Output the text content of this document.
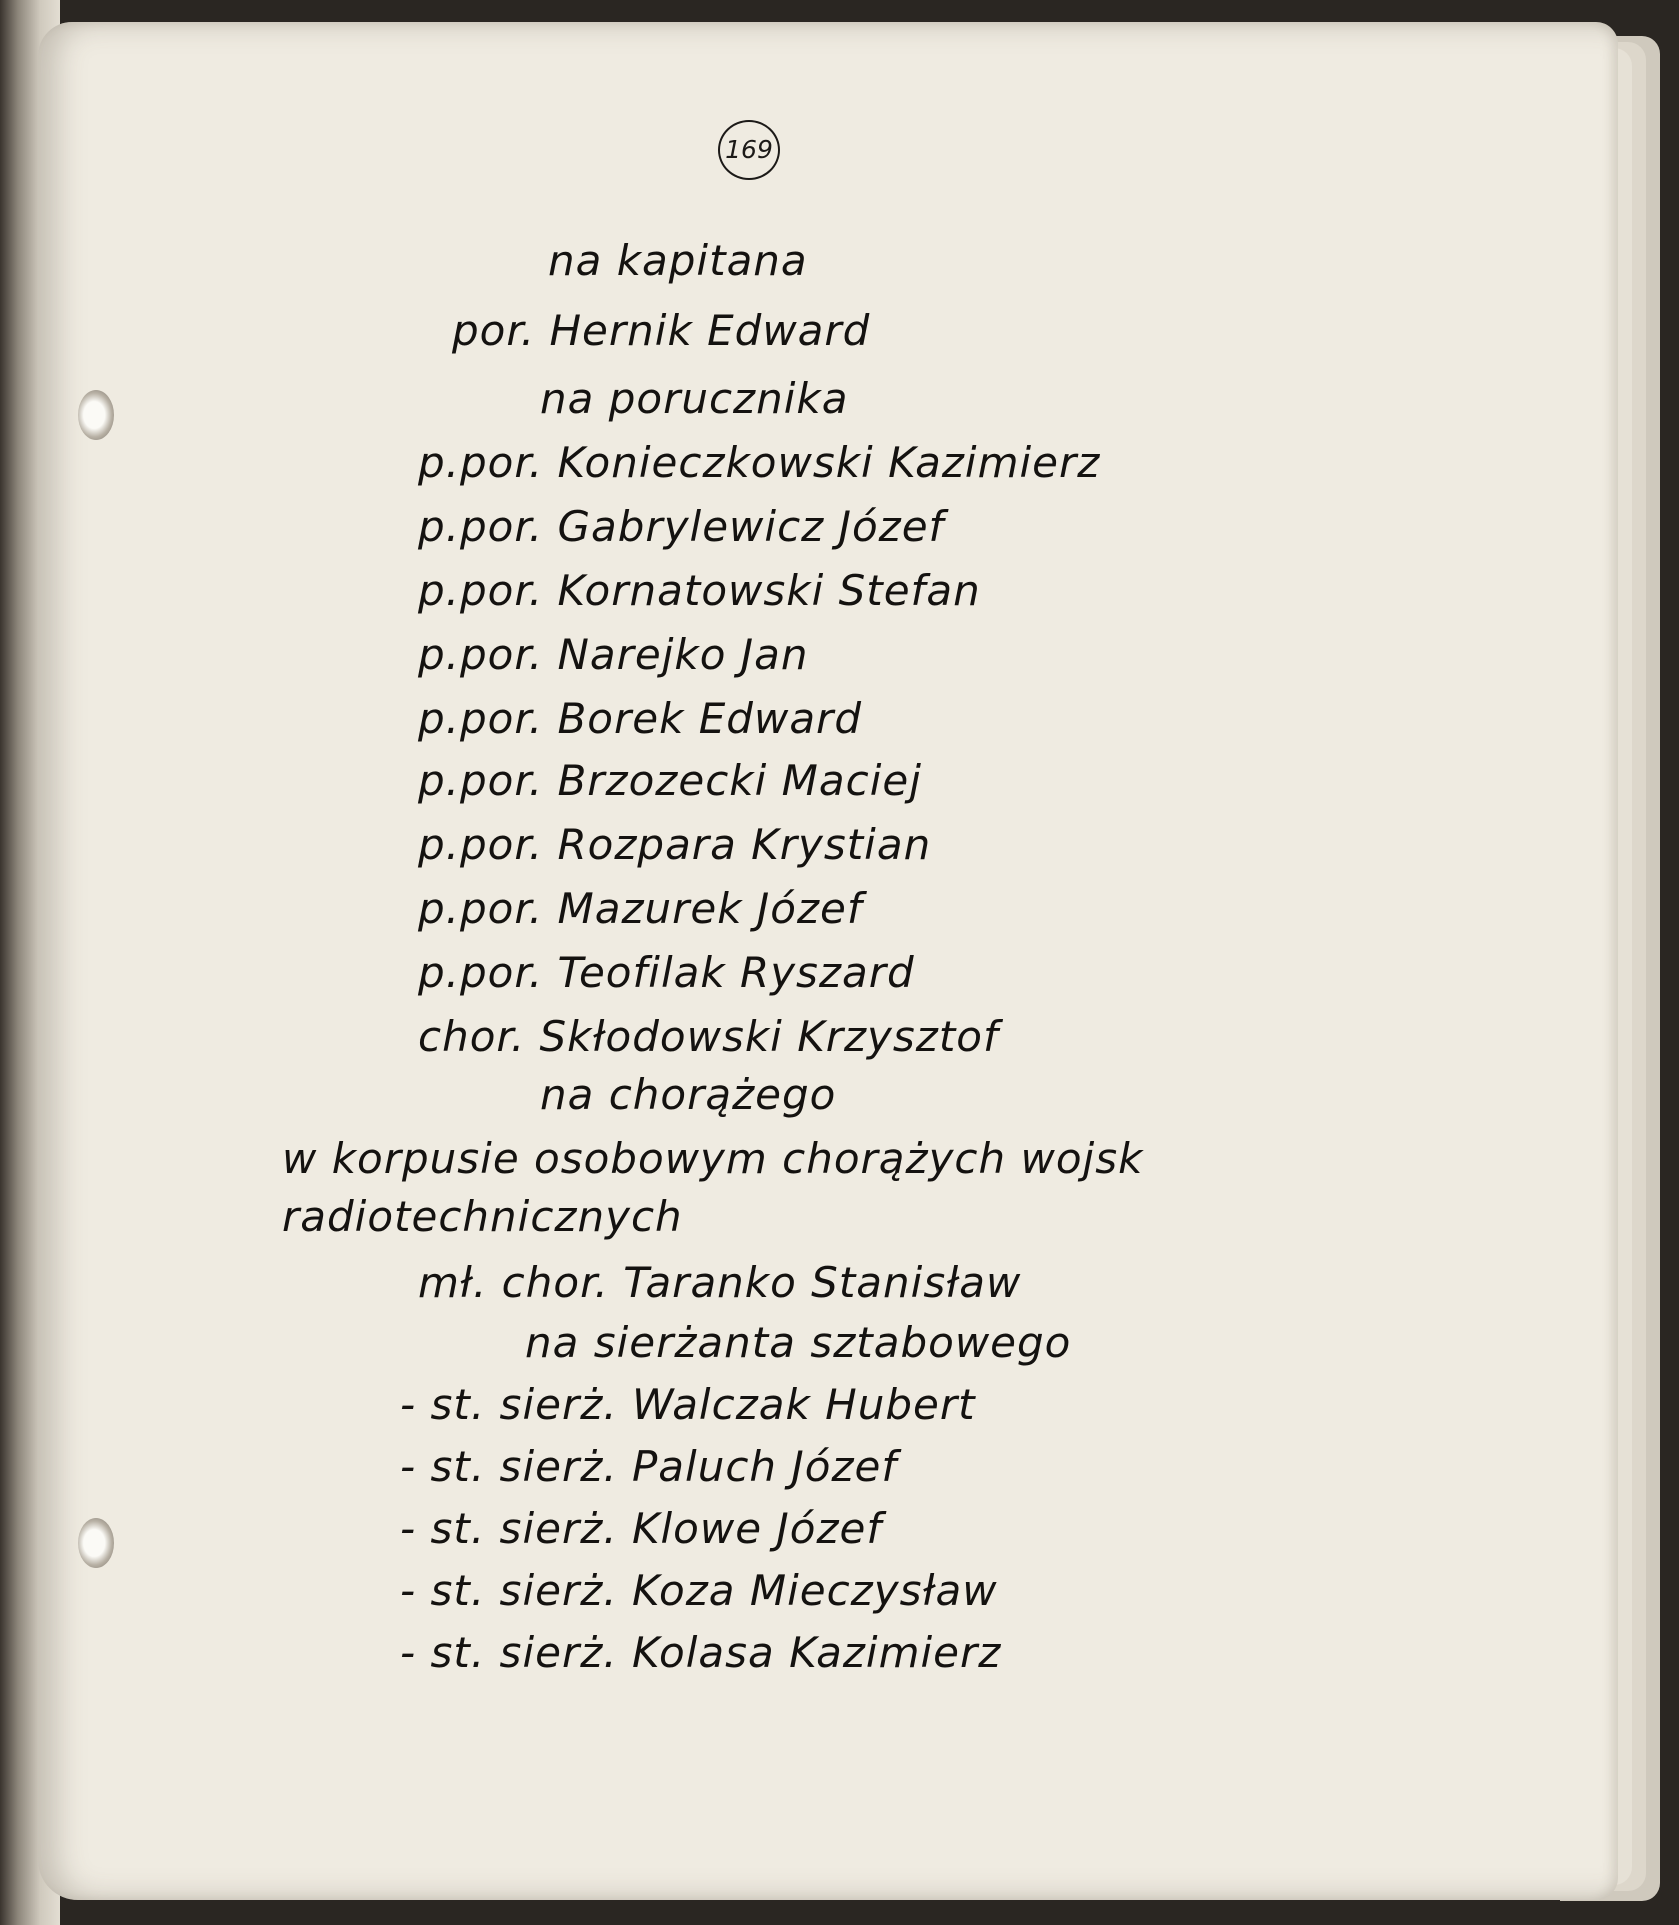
169
na kapitana
por. Hernik Edward
na porucznika
p.por. Konieczkowski Kazimierz
p.por. Gabrylewicz Józef
p.por. Kornatowski Stefan
p.por. Narejko Jan
p.por. Borek Edward
p.por. Brzozecki Maciej
p.por. Rozpara Krystian
p.por. Mazurek Józef
p.por. Teofilak Ryszard
chor. Skłodowski Krzysztof
na chorążego
w korpusie osobowym chorążych wojsk
radiotechnicznych
mł. chor. Taranko Stanisław
na sierżanta sztabowego
- st. sierż. Walczak Hubert
- st. sierż. Paluch Józef
- st. sierż. Klowe Józef
- st. sierż. Koza Mieczysław
- st. sierż. Kolasa Kazimierz
